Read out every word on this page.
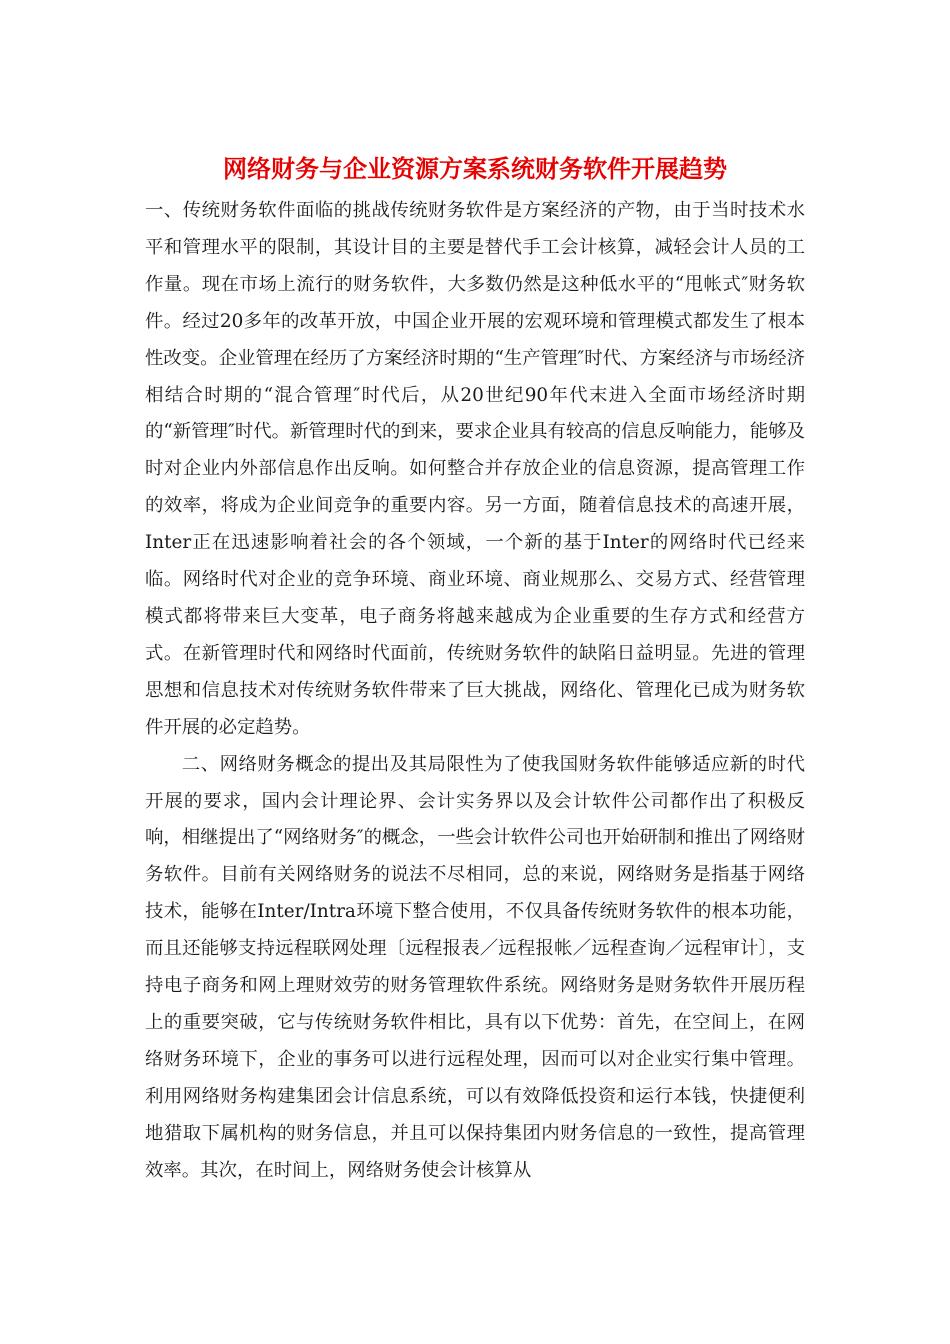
网络财务与企业资源方案系统财务软件开展趋势

一、传统财务软件面临的挑战传统财务软件是方案经济的产物，由于当时技术水平和管理水平的限制，其设计目的主要是替代手工会计核算，减轻会计人员的工作量。现在市场上流行的财务软件，大多数仍然是这种低水平的“甩帐式″财务软件。经过20多年的改革开放，中国企业开展的宏观环境和管理模式都发生了根本性改变。企业管理在经历了方案经济时期的“生产管理″时代、方案经济与市场经济相结合时期的“混合管理″时代后，从20世纪90年代末进入全面市场经济时期的“新管理″时代。新管理时代的到来，要求企业具有较高的信息反响能力，能够及时对企业内外部信息作出反响。如何整合并存放企业的信息资源，提高管理工作的效率，将成为企业间竞争的重要内容。另一方面，随着信息技术的高速开展，Inter正在迅速影响着社会的各个领域，一个新的基于Inter的网络时代已经来临。网络时代对企业的竞争环境、商业环境、商业规那么、交易方式、经营管理模式都将带来巨大变革，电子商务将越来越成为企业重要的生存方式和经营方式。在新管理时代和网络时代面前，传统财务软件的缺陷日益明显。先进的管理思想和信息技术对传统财务软件带来了巨大挑战，网络化、管理化已成为财务软件开展的必定趋势。

二、网络财务概念的提出及其局限性为了使我国财务软件能够适应新的时代开展的要求，国内会计理论界、会计实务界以及会计软件公司都作出了积极反响，相继提出了“网络财务″的概念，一些会计软件公司也开始研制和推出了网络财务软件。目前有关网络财务的说法不尽相同，总的来说，网络财务是指基于网络技术，能够在Inter/Intra环境下整合使用，不仅具备传统财务软件的根本功能，而且还能够支持远程联网处理〔远程报表／远程报帐／远程查询／远程审计〕，支持电子商务和网上理财效劳的财务管理软件系统。网络财务是财务软件开展历程上的重要突破，它与传统财务软件相比，具有以下优势：首先，在空间上，在网络财务环境下，企业的事务可以进行远程处理，因而可以对企业实行集中管理。利用网络财务构建集团会计信息系统，可以有效降低投资和运行本钱，快捷便利地猎取下属机构的财务信息，并且可以保持集团内财务信息的一致性，提高管理效率。其次，在时间上，网络财务使会计核算从
